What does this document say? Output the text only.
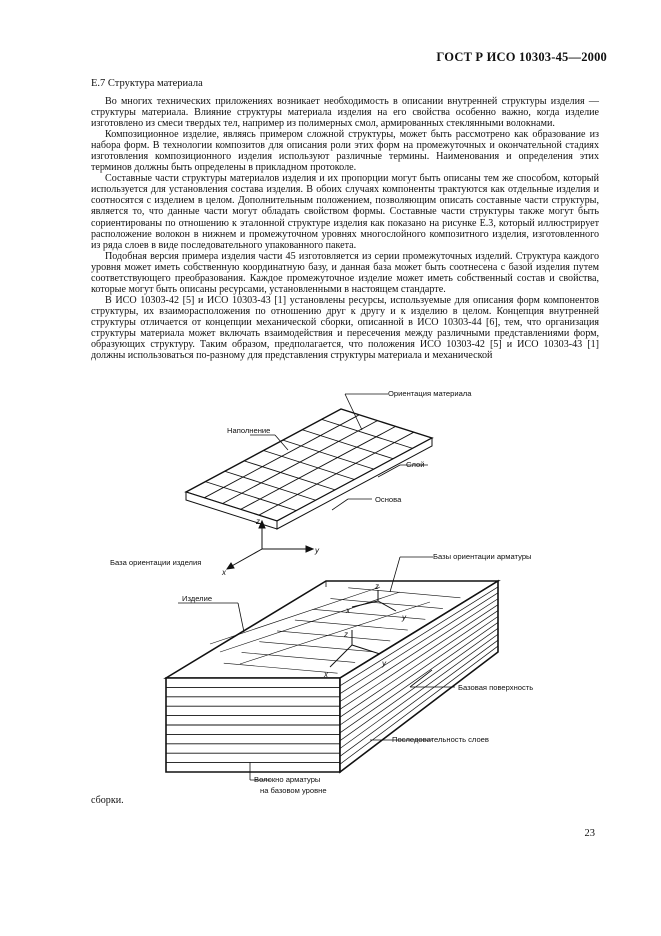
ГОСТ Р ИСО 10303-45—2000
Е.7 Структура материала

Во многих технических приложениях возникает необходимость в описании внутренней структуры изделия — структуры материала. Влияние структуры материала изделия на его свойства особенно важно, когда изделие изготовлено из смеси твердых тел, например из полимерных смол, армированных стеклянными волокнами.

Композиционное изделие, являясь примером сложной структуры, может быть рассмотрено как образование из набора форм. В технологии композитов для описания роли этих форм на промежуточных и окончательной стадиях изготовления композиционного изделия используют различные термины. Наименования и определения этих терминов должны быть определены в прикладном протоколе.

Составные части структуры материалов изделия и их пропорции могут быть описаны тем же способом, который используется для установления состава изделия. В обоих случаях компоненты трактуются как отдельные изделия и соотносятся с изделием в целом. Дополнительным положением, позволяющим описать составные части структуры, является то, что данные части могут обладать свойством формы. Составные части структуры также могут быть сориентированы по отношению к эталонной структуре изделия как показано на рисунке Е.3, который иллюстрирует расположение волокон в нижнем и промежуточном уровнях многослойного композитного изделия, изготовленного из ряда слоев в виде последовательного упакованного пакета.

Подобная версия примера изделия части 45 изготовляется из серии промежуточных изделий. Структура каждого уровня может иметь собственную координатную базу, и данная база может быть соотнесена с базой изделия путем соответствующего преобразования. Каждое промежуточное изделие может иметь собственный состав и свойства, которые могут быть описаны ресурсами, установленными в настоящем стандарте.

В ИСО 10303-42 [5] и ИСО 10303-43 [1] установлены ресурсы, используемые для описания форм компонентов структуры, их взаиморасположения по отношению друг к другу и к изделию в целом. Концепция внутренней структуры отличается от концепции механической сборки, описанной в ИСО 10303-44 [6], тем, что организация структуры материала может включать взаимодействия и пересечения между различными представлениями форм, образующих структуру. Таким образом, предполагается, что положения ИСО 10303-42 [5] и ИСО 10303-43 [1] должны использоваться по-разному для представления структуры материала и механической

Ориентация материала
Наполнение
Слой
Основа
База ориентации изделия
Базы ориентации арматуры
Изделие
Базовая поверхность
Последовательность слоев
Волокно арматуры
на базовом уровне
z
y
x
z
y
x
z
y
x
сборки.
23
